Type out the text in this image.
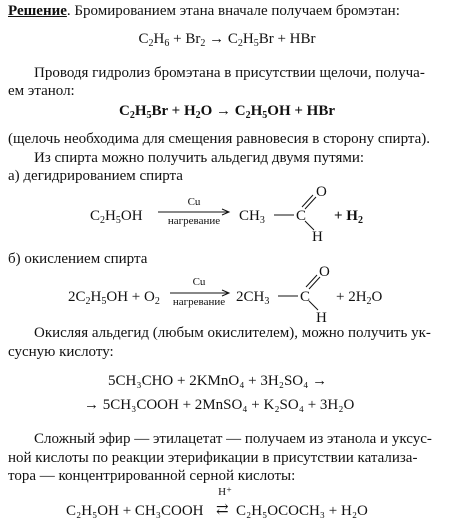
Решение. Бромированием этана вначале получаем бромэтан:
$C_2H_6 + Br_2 \to C_2H_5Br$ + HBr
Проводя гидролиз бромэтана в присутствии щелочи, получа-
ем этанол:
$C_2H_5Br + H_2O \to C_2H_5OH$ + HBr
(щелочь необходима для смещения равновесия в сторону спирта).
Из спирта можно получить альдегид двумя путями:
а) дегидрированием спирта
$C_2H_5OH$
Cu
нагревание	$CH_3$	C
O
H
+ $H_2$
б) окислением спирта
$2C_2H_5OH + O_2$
Cu
нагревание $2CH_3$	C
O
H
+ $2H_2O$
Окисляя альдегид (любым окислителем), можно получить ук-
сусную кислоту:
5CH₃CHO + 2KMnO₄ + 3H₂SO₄ →
→ 5CH₃COOH + 2MnSO₄ + K₂SO₄ + 3H₂O
Сложный эфир — этилацетат — получаем из этанола и уксус-
ной кислоты по реакции этерификации в присутствии катализа-
тора — концентрированной серной кислоты:
C₂H₅OH + CH₃COOH
H⁺
⇄ C₂H₅OCOCH₃ + H₂O
